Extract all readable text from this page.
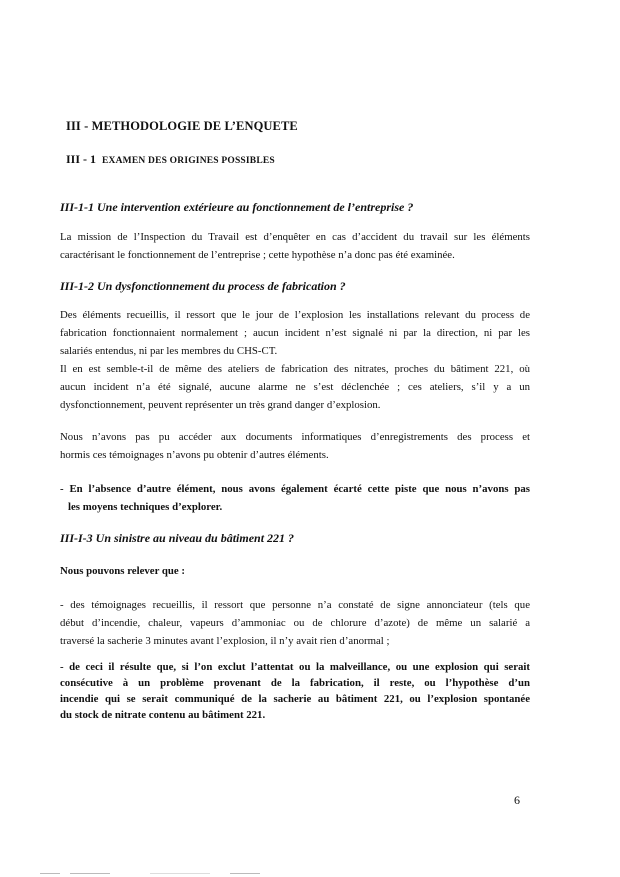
III - METHODOLOGIE DE L’ENQUETE
III - 1 EXAMEN DES ORIGINES POSSIBLES
III-1-1 Une intervention extérieure au fonctionnement de l’entreprise ?
La mission de l’Inspection du Travail est d’enquêter en cas d’accident du travail sur les éléments
caractérisant le fonctionnement de l’entreprise ; cette hypothèse n’a donc pas été examinée.
III-1-2 Un dysfonctionnement du process de fabrication ?
Des éléments recueillis, il ressort que le jour de l’explosion les installations relevant du process de
fabrication fonctionnaient normalement ; aucun incident n’est signalé ni par la direction, ni par les
salariés entendus, ni par les membres du CHS-CT.
Il en est semble-t-il de même des ateliers de fabrication des nitrates, proches du bâtiment 221, où
aucun incident n’a été signalé, aucune alarme ne s’est déclenchée ; ces ateliers, s’il y a un
dysfonctionnement, peuvent représenter un très grand danger d’explosion.
Nous n’avons pas pu accéder aux documents informatiques d’enregistrements des process et
hormis ces témoignages n’avons pu obtenir d’autres éléments.
- En l’absence d’autre élément, nous avons également écarté cette piste que nous n’avons pas
les moyens techniques d’explorer.
III-I-3 Un sinistre au niveau du bâtiment 221 ?
Nous pouvons relever que :
- des témoignages recueillis, il ressort que personne n’a constaté de signe annonciateur (tels que
début d’incendie, chaleur, vapeurs d’ammoniac ou de chlorure d’azote) de même un salarié a
traversé la sacherie 3 minutes avant l’explosion, il n’y avait rien d’anormal ;
- de ceci il résulte que, si l’on exclut l’attentat ou la malveillance, ou une explosion qui serait
consécutive à un problème provenant de la fabrication, il reste, ou l’hypothèse d’un
incendie qui se serait communiqué de la sacherie au bâtiment 221, ou l’explosion spontanée
du stock de nitrate contenu au bâtiment 221.
6
